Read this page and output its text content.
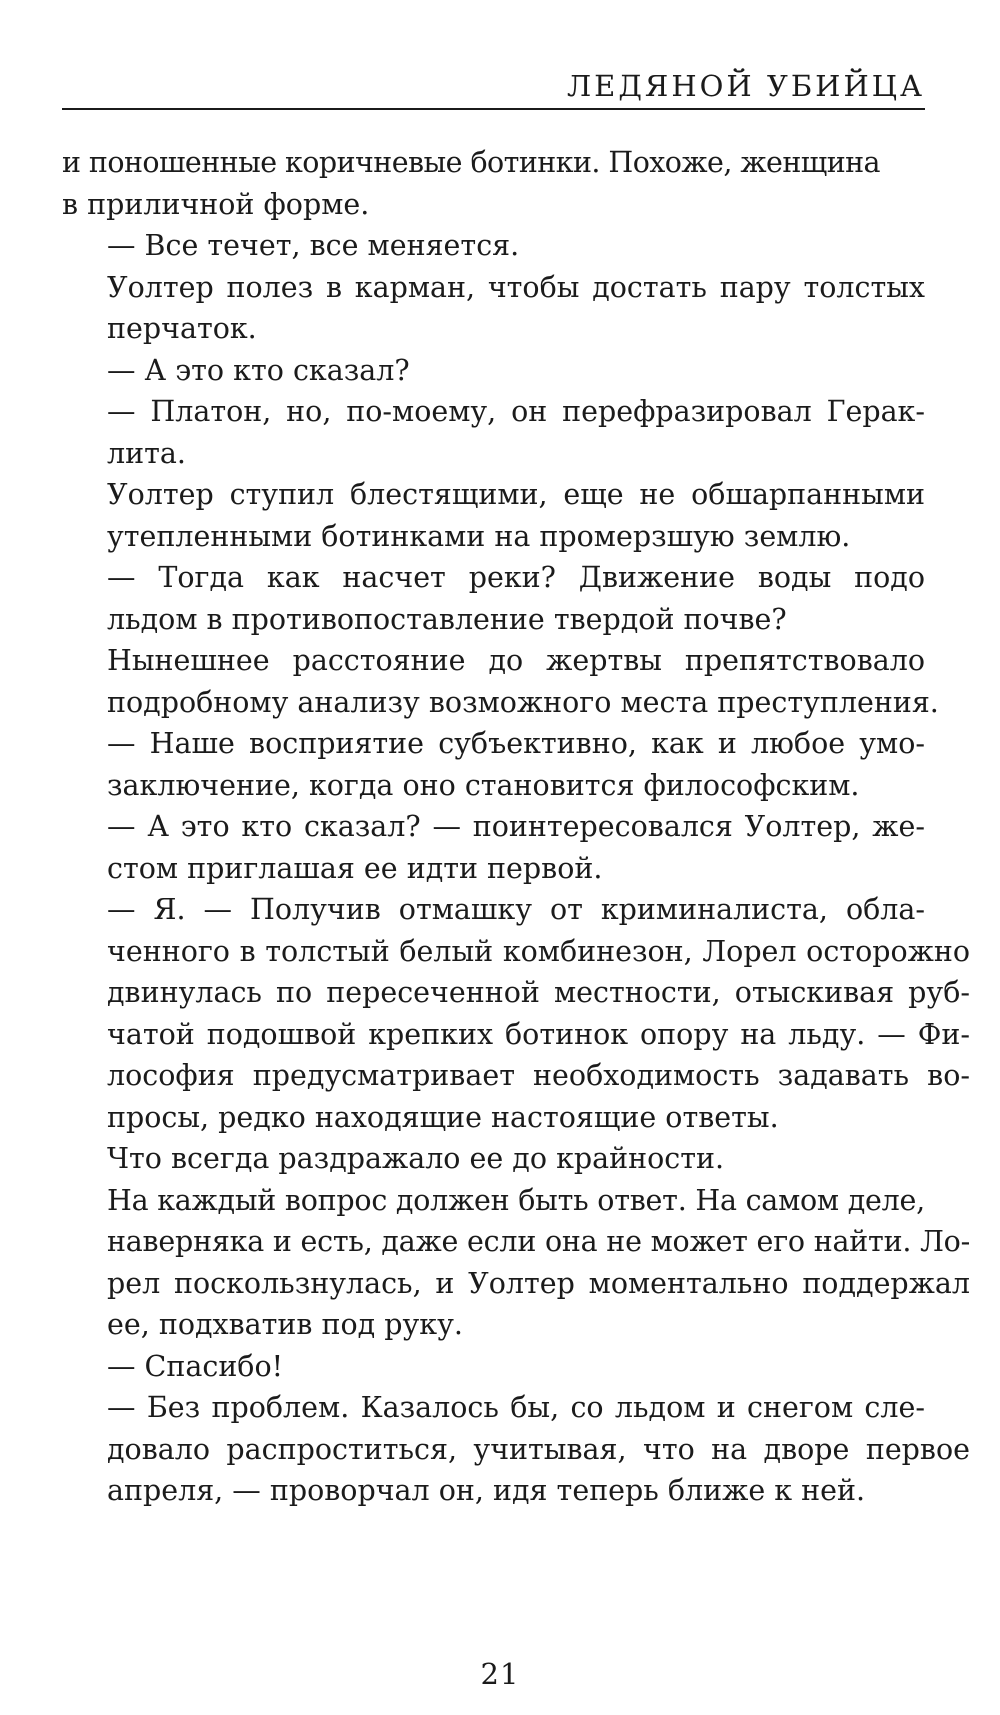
ЛЕДЯНОЙ УБИЙЦА
и поношенные коричневые ботинки. Похоже, женщина
в приличной форме.
— Все течет, все меняется.
Уолтер полез в карман, чтобы достать пару толстых
перчаток.
— А это кто сказал?
— Платон, но, по-моему, он перефразировал Герак-
лита.
Уолтер ступил блестящими, еще не обшарпанными
утепленными ботинками на промерзшую землю.
— Тогда как насчет реки? Движение воды подо
льдом в противопоставление твердой почве?
Нынешнее расстояние до жертвы препятствовало
подробному анализу возможного места преступления.
— Наше восприятие субъективно, как и любое умо-
заключение, когда оно становится философским.
— А это кто сказал? — поинтересовался Уолтер, же-
стом приглашая ее идти первой.
— Я. — Получив отмашку от криминалиста, обла-
ченного в толстый белый комбинезон, Лорел осторожно
двинулась по пересеченной местности, отыскивая руб-
чатой подошвой крепких ботинок опору на льду. — Фи-
лософия предусматривает необходимость задавать во-
просы, редко находящие настоящие ответы.
Что всегда раздражало ее до крайности.
На каждый вопрос должен быть ответ. На самом деле,
наверняка и есть, даже если она не может его найти. Ло-
рел поскользнулась, и Уолтер моментально поддержал
ее, подхватив под руку.
— Спасибо!
— Без проблем. Казалось бы, со льдом и снегом сле-
довало распроститься, учитывая, что на дворе первое
апреля, — проворчал он, идя теперь ближе к ней.
21
